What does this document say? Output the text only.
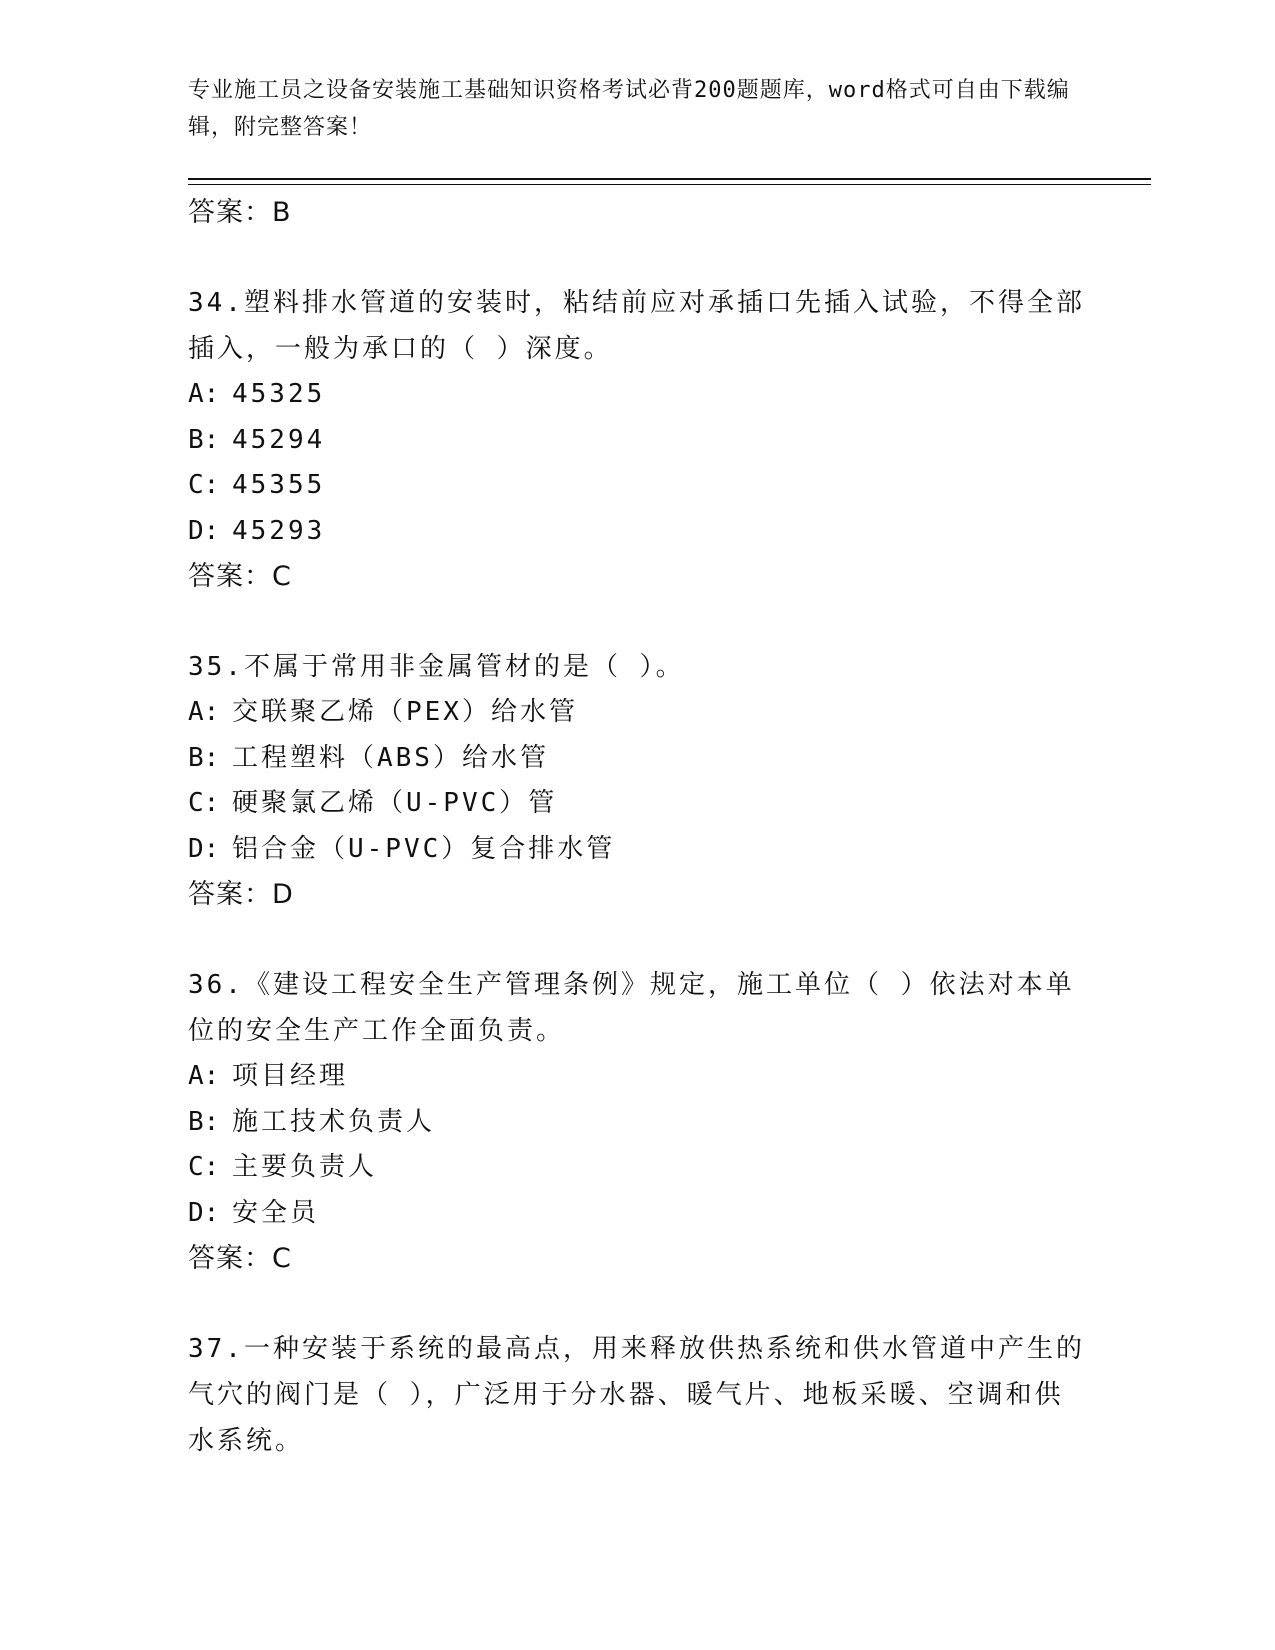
专业施工员之设备安装施工基础知识资格考试必背200题题库，word格式可自由下载编辑，附完整答案！
答案：B
34.塑料排水管道的安装时，粘结前应对承插口先插入试验，不得全部插入，一般为承口的（ ）深度。
A: 45325
B: 45294
C: 45355
D: 45293
答案：C
35.不属于常用非金属管材的是（ ）。
A: 交联聚乙烯（PEX）给水管
B: 工程塑料（ABS）给水管
C: 硬聚氯乙烯（U-PVC）管
D: 铝合金（U-PVC）复合排水管
答案：D
36.《建设工程安全生产管理条例》规定，施工单位（ ）依法对本单位的安全生产工作全面负责。
A: 项目经理
B: 施工技术负责人
C: 主要负责人
D: 安全员
答案：C
37.一种安装于系统的最高点，用来释放供热系统和供水管道中产生的气穴的阀门是（ ），广泛用于分水器、暖气片、地板采暖、空调和供水系统。
